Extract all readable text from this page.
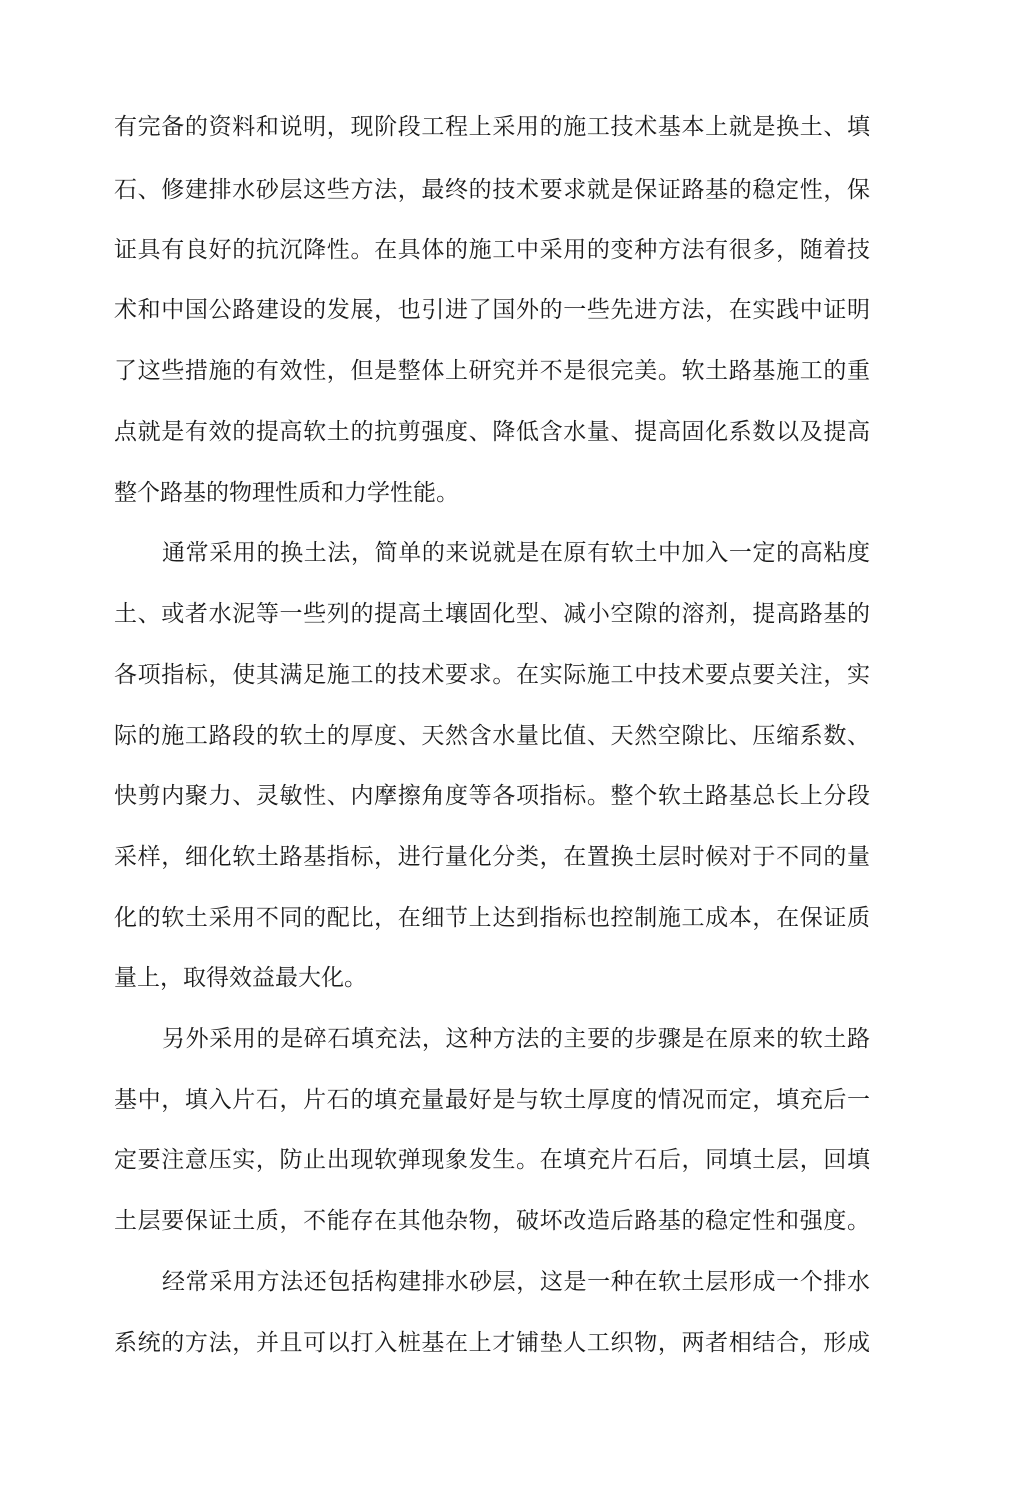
有完备的资料和说明，现阶段工程上采用的施工技术基本上就是换土、填

石、修建排水砂层这些方法，最终的技术要求就是保证路基的稳定性，保

证具有良好的抗沉降性。在具体的施工中采用的变种方法有很多，随着技

术和中国公路建设的发展，也引进了国外的一些先进方法，在实践中证明

了这些措施的有效性，但是整体上研究并不是很完美。软土路基施工的重

点就是有效的提高软土的抗剪强度、降低含水量、提高固化系数以及提高

整个路基的物理性质和力学性能。

通常采用的换土法，简单的来说就是在原有软土中加入一定的高粘度

土、或者水泥等一些列的提高土壤固化型、减小空隙的溶剂，提高路基的

各项指标，使其满足施工的技术要求。在实际施工中技术要点要关注，实

际的施工路段的软土的厚度、天然含水量比值、天然空隙比、压缩系数、

快剪内聚力、灵敏性、内摩擦角度等各项指标。整个软土路基总长上分段

采样，细化软土路基指标，进行量化分类，在置换土层时候对于不同的量

化的软土采用不同的配比，在细节上达到指标也控制施工成本，在保证质

量上，取得效益最大化。

另外采用的是碎石填充法，这种方法的主要的步骤是在原来的软土路

基中，填入片石，片石的填充量最好是与软土厚度的情况而定，填充后一

定要注意压实，防止出现软弹现象发生。在填充片石后，同填土层，回填

土层要保证土质，不能存在其他杂物，破坏改造后路基的稳定性和强度。

经常采用方法还包括构建排水砂层，这是一种在软土层形成一个排水

系统的方法，并且可以打入桩基在上才铺垫人工织物，两者相结合，形成
